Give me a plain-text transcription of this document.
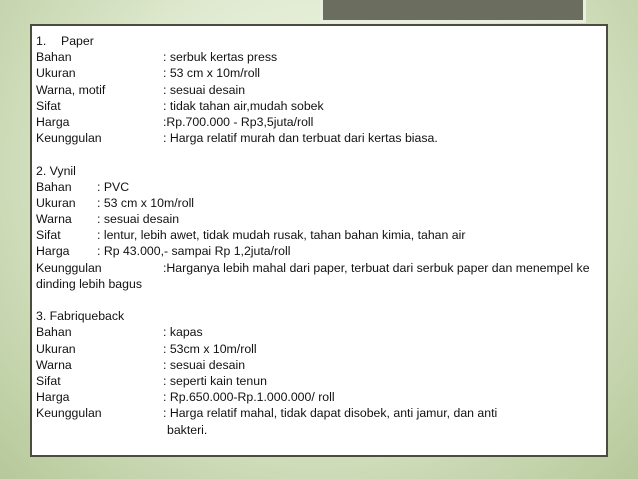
1. Paper
Bahan	: serbuk kertas press
Ukuran	: 53 cm x 10m/roll
Warna, motif	: sesuai desain
Sifat	: tidak tahan air,mudah sobek
Harga	:Rp.700.000 - Rp3,5juta/roll
Keunggulan	: Harga relatif murah dan terbuat dari kertas biasa.
2. Vynil
Bahan : PVC
Ukuran : 53 cm x 10m/roll
Warna : sesuai desain
Sifat	: lentur, lebih awet, tidak mudah rusak, tahan bahan kimia, tahan air
Harga : Rp 43.000,- sampai Rp 1,2juta/roll
Keunggulan	:Harganya lebih mahal dari paper, terbuat dari serbuk paper dan menempel ke
dinding lebih bagus
3. Fabriqueback
Bahan	: kapas
Ukuran	: 53cm x 10m/roll
Warna	: sesuai desain
Sifat	: seperti kain tenun
Harga	: Rp.650.000-Rp.1.000.000/ roll
Keunggulan	: Harga relatif mahal, tidak dapat disobek, anti jamur, dan anti
bakteri.
